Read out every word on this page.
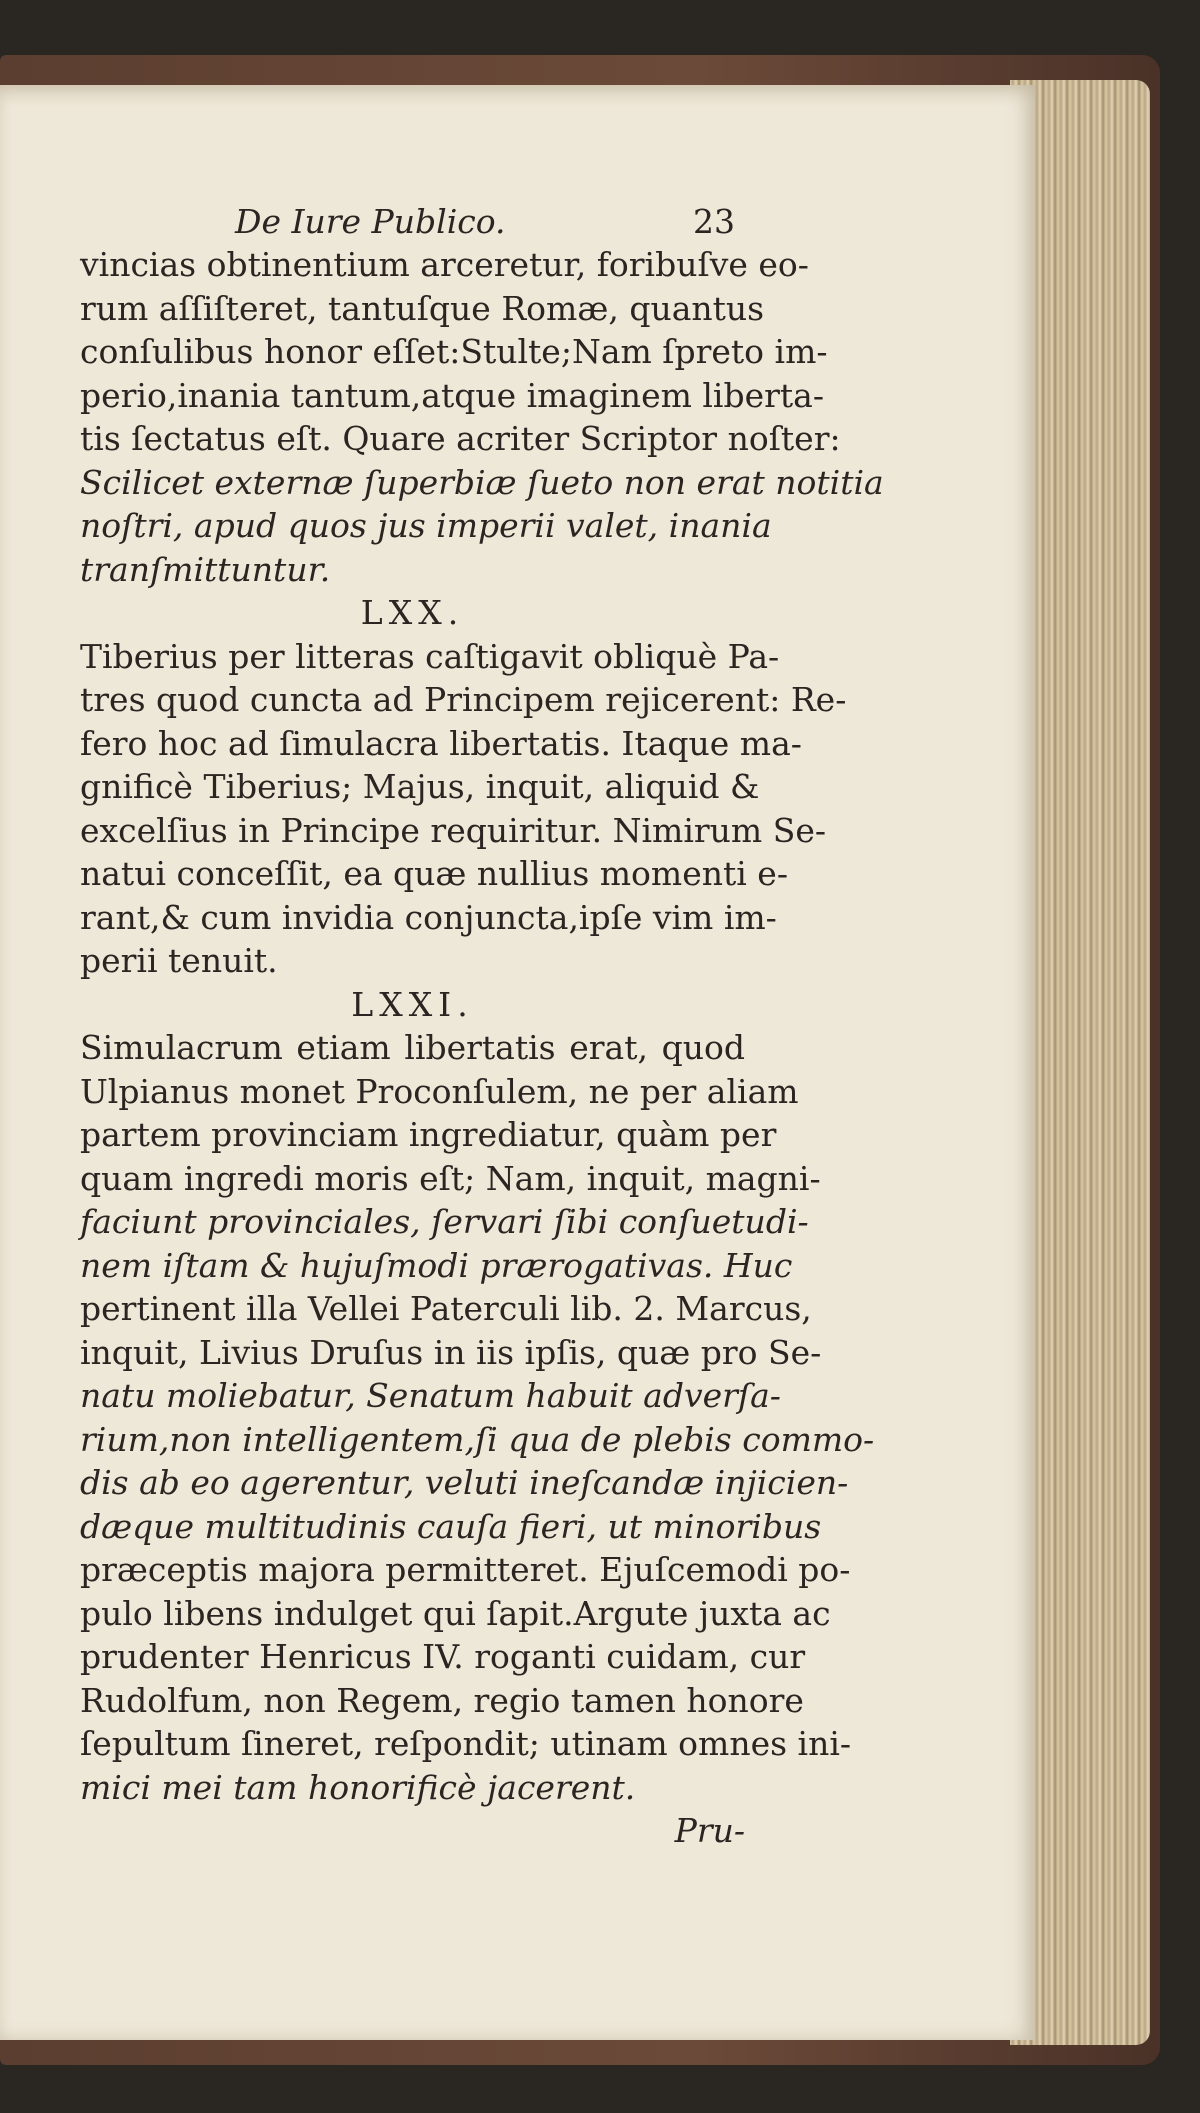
De Iure Publico.	23
vincias obtinentium arceretur, foribuſve eo-
rum aſſiſteret, tantuſque Romæ, quantus
conſulibus honor eſſet:Stulte;Nam ſpreto im-
perio,inania tantum,atque imaginem liberta-
tis ſectatus eſt. Quare acriter Scriptor noſter:
Scilicet externæ ſuperbiæ ſueto non erat notitia
noſtri, apud quos jus imperii valet, inania
tranſmittuntur.
LXX.
Tiberius per litteras caſtigavit obliquè Pa-
tres quod cuncta ad Principem rejicerent: Re-
fero hoc ad ſimulacra libertatis. Itaque ma-
gnificè Tiberius; Majus, inquit, aliquid &
excelſius in Principe requiritur. Nimirum Se-
natui conceſſit, ea quæ nullius momenti e-
rant,& cum invidia conjuncta,ipſe vim im-
perii tenuit.
LXXI.
Simulacrum etiam libertatis erat, quod
Ulpianus monet Proconſulem, ne per aliam
partem provinciam ingrediatur, quàm per
quam ingredi moris eſt; Nam, inquit, magni-
faciunt provinciales, ſervari ſibi conſuetudi-
nem iſtam & hujuſmodi prærogativas. Huc
pertinent illa Vellei Paterculi lib. 2. Marcus,
inquit, Livius Druſus in iis ipſis, quæ pro Se-
natu moliebatur, Senatum habuit adverſa-
rium,non intelligentem,ſi qua de plebis commo-
dis ab eo agerentur, veluti ineſcandæ injicien-
dæque multitudinis cauſa fieri, ut minoribus
præceptis majora permitteret. Ejuſcemodi po-
pulo libens indulget qui ſapit.Argute juxta ac
prudenter Henricus IV. roganti cuidam, cur
Rudolfum, non Regem, regio tamen honore
ſepultum ſineret, reſpondit; utinam omnes ini-
mici mei tam honorificè jacerent.
Pru-
